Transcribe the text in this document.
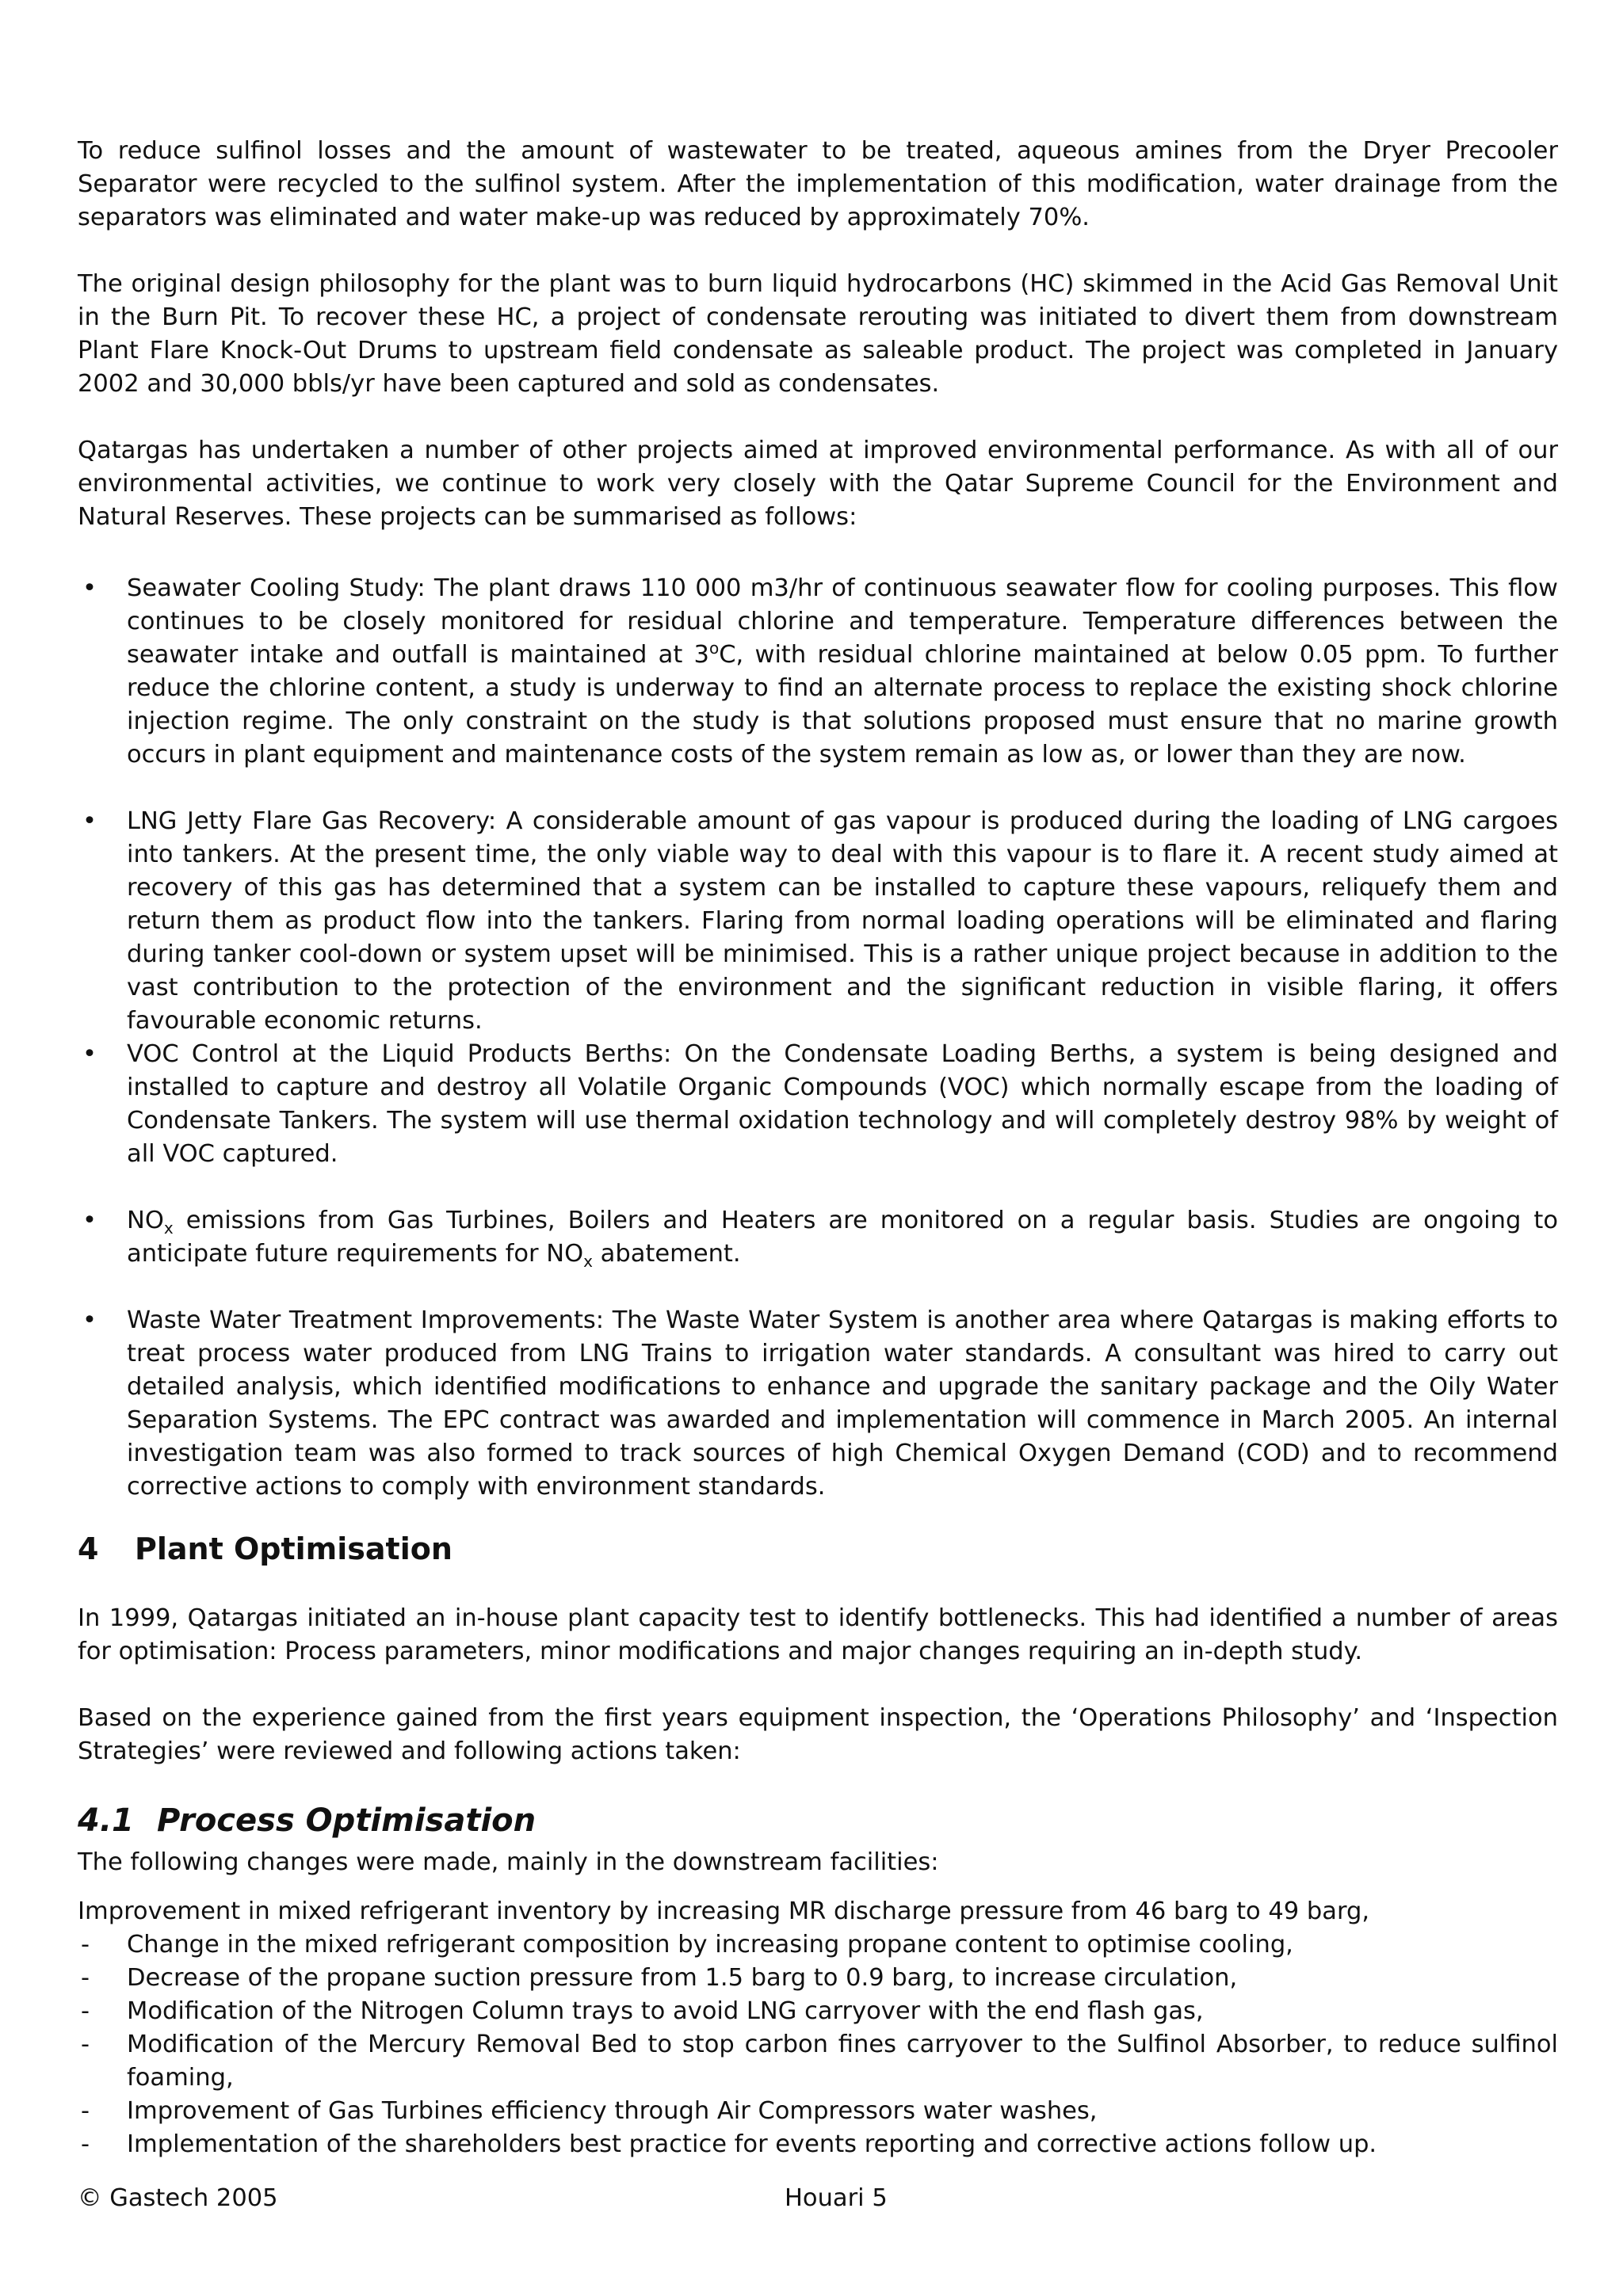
To reduce sulfinol losses and the amount of wastewater to be treated, aqueous amines from the Dryer Precooler Separator were recycled to the sulfinol system. After the implementation of this modification, water drainage from the separators was eliminated and water make-up was reduced by approximately 70%.

The original design philosophy for the plant was to burn liquid hydrocarbons (HC) skimmed in the Acid Gas Removal Unit in the Burn Pit. To recover these HC, a project of condensate rerouting was initiated to divert them from downstream Plant Flare Knock-Out Drums to upstream field condensate as saleable product. The project was completed in January 2002 and 30,000 bbls/yr have been captured and sold as condensates.

Qatargas has undertaken a number of other projects aimed at improved environmental performance. As with all of our environmental activities, we continue to work very closely with the Qatar Supreme Council for the Environment and Natural Reserves. These projects can be summarised as follows:

• Seawater Cooling Study: The plant draws 110 000 m3/hr of continuous seawater flow for cooling purposes. This flow continues to be closely monitored for residual chlorine and temperature. Temperature differences between the seawater intake and outfall is maintained at 3$^o$C, with residual chlorine maintained at below 0.05 ppm. To further reduce the chlorine content, a study is underway to find an alternate process to replace the existing shock chlorine injection regime. The only constraint on the study is that solutions proposed must ensure that no marine growth occurs in plant equipment and maintenance costs of the system remain as low as, or lower than they are now.

• LNG Jetty Flare Gas Recovery: A considerable amount of gas vapour is produced during the loading of LNG cargoes into tankers. At the present time, the only viable way to deal with this vapour is to flare it. A recent study aimed at recovery of this gas has determined that a system can be installed to capture these vapours, reliquefy them and return them as product flow into the tankers. Flaring from normal loading operations will be eliminated and flaring during tanker cool-down or system upset will be minimised. This is a rather unique project because in addition to the vast contribution to the protection of the environment and the significant reduction in visible flaring, it offers favourable economic returns.

• VOC Control at the Liquid Products Berths: On the Condensate Loading Berths, a system is being designed and installed to capture and destroy all Volatile Organic Compounds (VOC) which normally escape from the loading of Condensate Tankers. The system will use thermal oxidation technology and will completely destroy 98% by weight of all VOC captured.

• $NO_x$ emissions from Gas Turbines, Boilers and Heaters are monitored on a regular basis. Studies are ongoing to anticipate future requirements for $NO_x$ abatement.

• Waste Water Treatment Improvements: The Waste Water System is another area where Qatargas is making efforts to treat process water produced from LNG Trains to irrigation water standards. A consultant was hired to carry out detailed analysis, which identified modifications to enhance and upgrade the sanitary package and the Oily Water Separation Systems. The EPC contract was awarded and implementation will commence in March 2005. An internal investigation team was also formed to track sources of high Chemical Oxygen Demand (COD) and to recommend corrective actions to comply with environment standards.

4 Plant Optimisation

In 1999, Qatargas initiated an in-house plant capacity test to identify bottlenecks. This had identified a number of areas for optimisation: Process parameters, minor modifications and major changes requiring an in-depth study.

Based on the experience gained from the first years equipment inspection, the ‘Operations Philosophy’ and ‘Inspection Strategies’ were reviewed and following actions taken:

4.1 Process Optimisation

The following changes were made, mainly in the downstream facilities:

Improvement in mixed refrigerant inventory by increasing MR discharge pressure from 46 barg to 49 barg,

- Change in the mixed refrigerant composition by increasing propane content to optimise cooling,

- Decrease of the propane suction pressure from 1.5 barg to 0.9 barg, to increase circulation,

- Modification of the Nitrogen Column trays to avoid LNG carryover with the end flash gas,

- Modification of the Mercury Removal Bed to stop carbon fines carryover to the Sulfinol Absorber, to reduce sulfinol foaming,

- Improvement of Gas Turbines efficiency through Air Compressors water washes,

- Implementation of the shareholders best practice for events reporting and corrective actions follow up.

© Gastech 2005	Houari 5
